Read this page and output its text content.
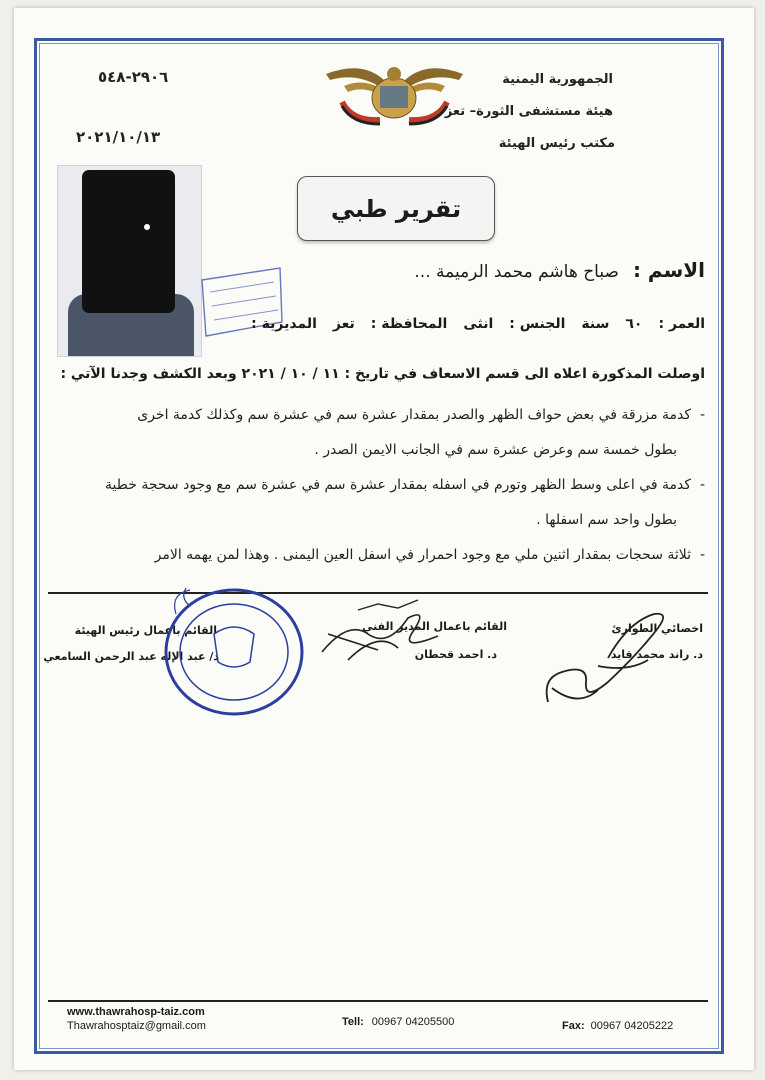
الجمهورية اليمنية
هيئة مستشفى الثورة– تعز
مكتب رئيس الهيئة
٢٩٠٦-٥٤٨
٢٠٢١/١٠/١٣
تقرير طبي
الاسم :
صباح هاشم محمد الرميمة ...
العمر :
٦٠
سنة
الجنس :
انثى
المحافظة :
تعز
المديرية :
اوصلت المذكورة اعلاه الى قسم الاسعاف في تاريخ : ١١ / ١٠ / ٢٠٢١ وبعد الكشف وجدنا الآتي :
-  كدمة مزرقة في بعض حواف الظهر والصدر بمقدار عشرة سم في عشرة سم وكذلك كدمة اخرى
بطول خمسة سم وعرض عشرة سم في الجانب الايمن الصدر .
-  كدمة في اعلى وسط الظهر وتورم في اسفله بمقدار عشرة سم في عشرة سم مع وجود سحجة خطية
بطول واحد سم اسفلها .
-  ثلاثة سحجات بمقدار اثنين ملي مع وجود احمرار في اسفل العين اليمنى . وهذا لمن يهمه الامر
القائم باعمال رئيس الهيئة
د/ عبد الإله عبد الرحمن السامعي
القائم باعمال المدير الفني
د. احمد قحطان
اخصائي الطوارئ
د. راند محمد قايد
www.thawrahosp-taiz.com
Thawrahosptaiz@gmail.com	Tell: 00967 04205500	Fax: 00967 04205222
